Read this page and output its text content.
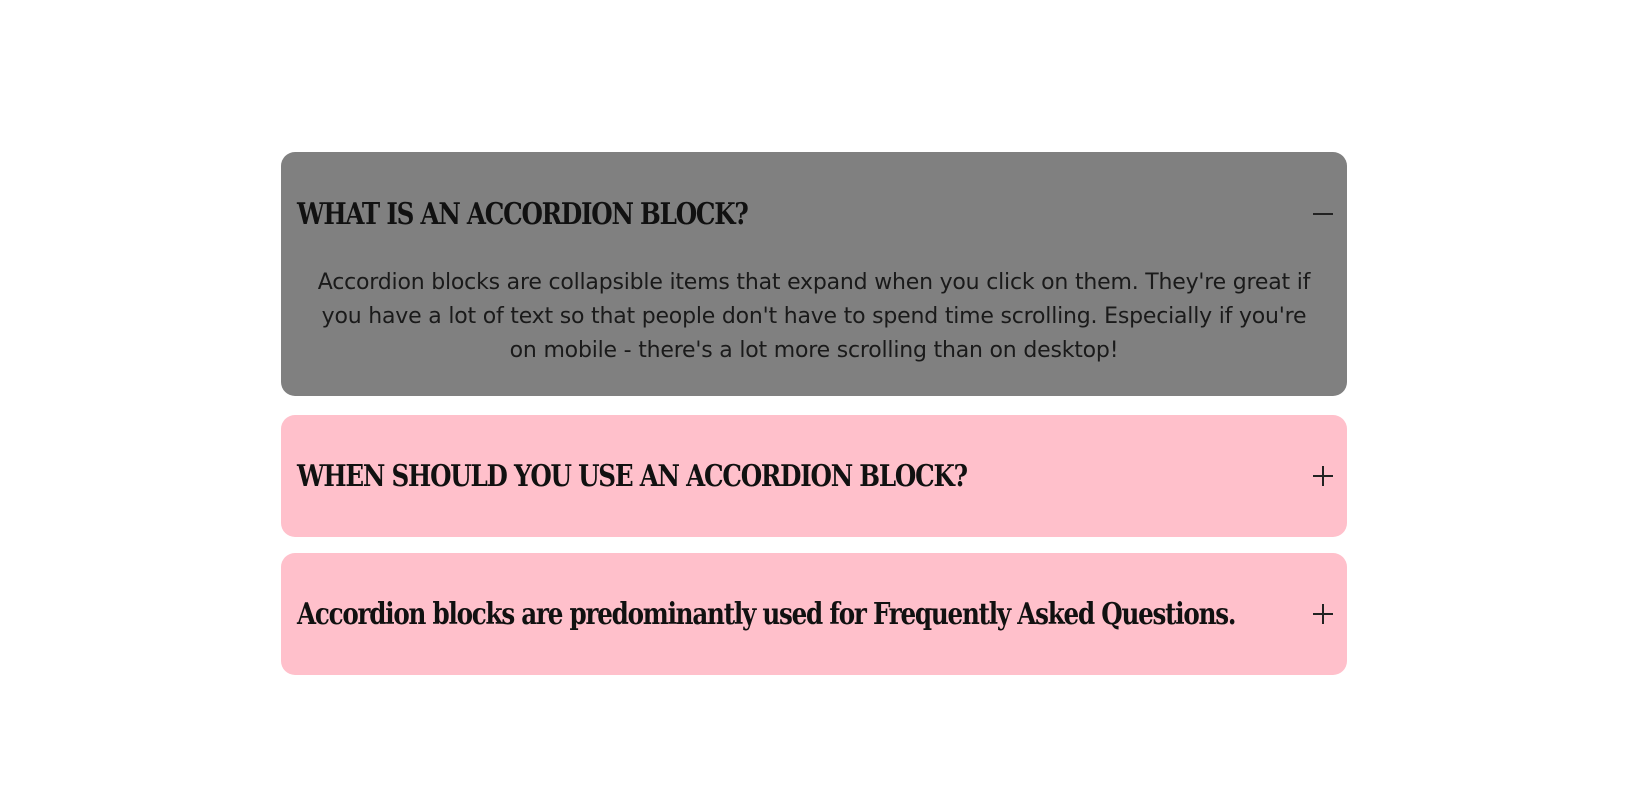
WHAT IS AN ACCORDION BLOCK?
Accordion blocks are collapsible items that expand when you click on them. They're great if you have a lot of text so that people don't have to spend time scrolling. Especially if you're on mobile - there's a lot more scrolling than on desktop!
WHEN SHOULD YOU USE AN ACCORDION BLOCK?
Accordion blocks are predominantly used for Frequently Asked Questions.
